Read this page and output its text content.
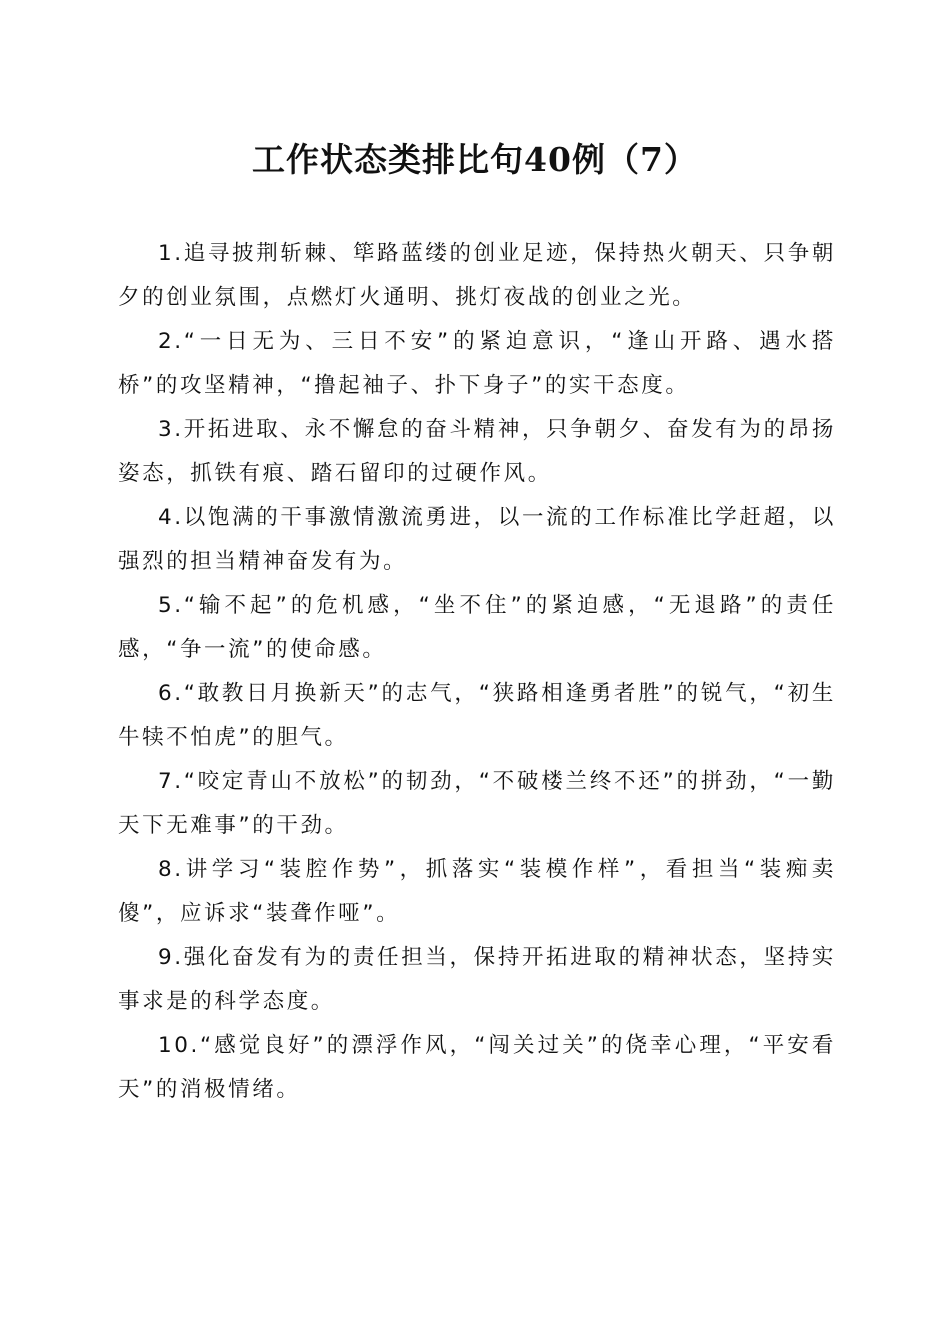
工作状态类排比句40例（7）

1.追寻披荆斩棘、筚路蓝缕的创业足迹，保持热火朝天、只争朝夕的创业氛围，点燃灯火通明、挑灯夜战的创业之光。

2.“一日无为、三日不安”的紧迫意识，“逢山开路、遇水搭桥”的攻坚精神，“撸起袖子、扑下身子”的实干态度。

3.开拓进取、永不懈怠的奋斗精神，只争朝夕、奋发有为的昂扬姿态，抓铁有痕、踏石留印的过硬作风。

4.以饱满的干事激情激流勇进，以一流的工作标准比学赶超，以强烈的担当精神奋发有为。

5.“输不起”的危机感，“坐不住”的紧迫感，“无退路”的责任感，“争一流”的使命感。

6.“敢教日月换新天”的志气，“狭路相逢勇者胜”的锐气，“初生牛犊不怕虎”的胆气。

7.“咬定青山不放松”的韧劲，“不破楼兰终不还”的拼劲，“一勤天下无难事”的干劲。

8.讲学习“装腔作势”，抓落实“装模作样”，看担当“装痴卖傻”，应诉求“装聋作哑”。

9.强化奋发有为的责任担当，保持开拓进取的精神状态，坚持实事求是的科学态度。

10.“感觉良好”的漂浮作风，“闯关过关”的侥幸心理，“平安看天”的消极情绪。
